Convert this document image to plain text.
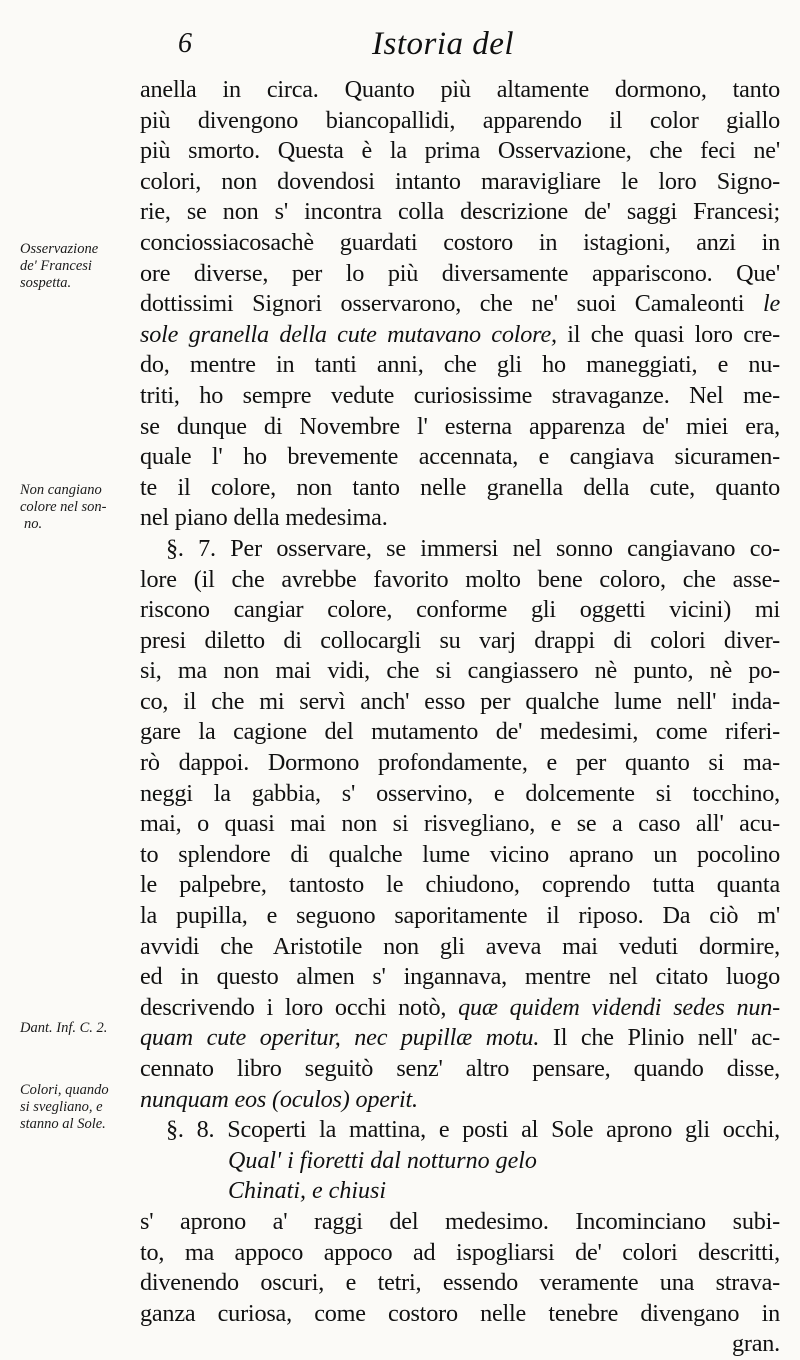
6	Istoria del
Osservazione
de' Francesi
sospetta.
Non cangiano
colore nel son-
no.
Dant. Inf. C. 2.
Colori, quando
si svegliano, e
stanno al Sole.
anella in circa. Quanto più altamente dormono, tanto
più divengono biancopallidi, apparendo il color giallo
più smorto. Questa è la prima Osservazione, che feci ne'
colori, non dovendosi intanto maravigliare le loro Signo-
rie, se non s' incontra colla descrizione de' saggi Francesi;
conciossiacosachè guardati costoro in istagioni, anzi in
ore diverse, per lo più diversamente appariscono. Que'
dottissimi Signori osservarono, che ne' suoi Camaleonti le
sole granella della cute mutavano colore, il che quasi loro cre-
do, mentre in tanti anni, che gli ho maneggiati, e nu-
triti, ho sempre vedute curiosissime stravaganze. Nel me-
se dunque di Novembre l' esterna apparenza de' miei era,
quale l' ho brevemente accennata, e cangiava sicuramen-
te il colore, non tanto nelle granella della cute, quanto
nel piano della medesima.
§. 7. Per osservare, se immersi nel sonno cangiavano co-
lore (il che avrebbe favorito molto bene coloro, che asse-
riscono cangiar colore, conforme gli oggetti vicini) mi
presi diletto di collocargli su varj drappi di colori diver-
si, ma non mai vidi, che si cangiassero nè punto, nè po-
co, il che mi servì anch' esso per qualche lume nell' inda-
gare la cagione del mutamento de' medesimi, come riferi-
rò dappoi. Dormono profondamente, e per quanto si ma-
neggi la gabbia, s' osservino, e dolcemente si tocchino,
mai, o quasi mai non si risvegliano, e se a caso all' acu-
to splendore di qualche lume vicino aprano un pocolino
le palpebre, tantosto le chiudono, coprendo tutta quanta
la pupilla, e seguono saporitamente il riposo. Da ciò m'
avvidi che Aristotile non gli aveva mai veduti dormire,
ed in questo almen s' ingannava, mentre nel citato luogo
descrivendo i loro occhi notò, quæ quidem videndi sedes nun-
quam cute operitur, nec pupillæ motu. Il che Plinio nell' ac-
cennato libro seguitò senz' altro pensare, quando disse,
nunquam eos (oculos) operit.
§. 8. Scoperti la mattina, e posti al Sole aprono gli occhi,
Qual' i fioretti dal notturno gelo
Chinati, e chiusi
s' aprono a' raggi del medesimo. Incominciano subi-
to, ma appoco appoco ad ispogliarsi de' colori descritti,
divenendo oscuri, e tetri, essendo veramente una strava-
ganza curiosa, come costoro nelle tenebre divengano in
gran.
